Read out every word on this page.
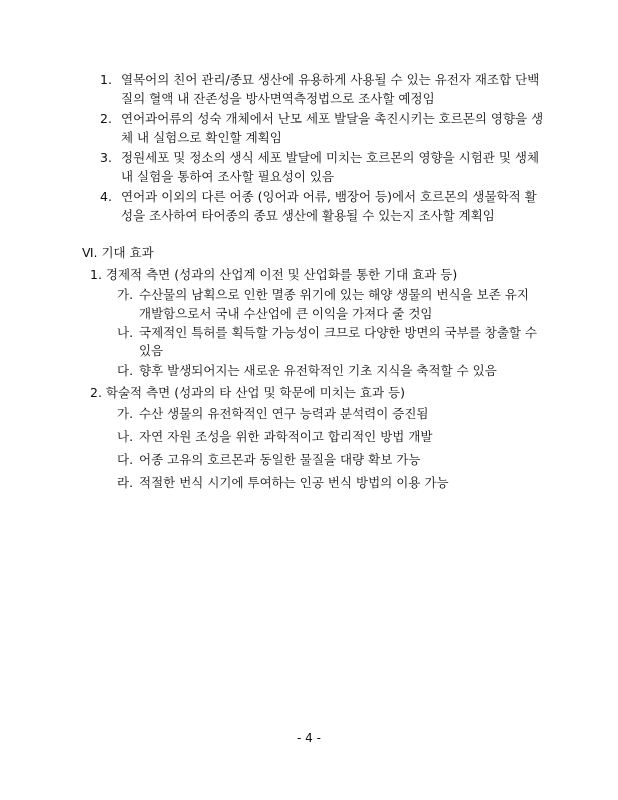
1. 열목어의 친어 관리/종묘 생산에 유용하게 사용될 수 있는 유전자 재조합 단백
질의 혈액 내 잔존성을 방사면역측정법으로 조사할 예정임
2. 연어과어류의 성숙 개체에서 난모 세포 발달을 촉진시키는 호르몬의 영향을 생
체 내 실험으로 확인할 계획임
3. 정원세포 및 정소의 생식 세포 발달에 미치는 호르몬의 영향을 시험관 및 생체
내 실험을 통하여 조사할 필요성이 있음
4. 연어과 이외의 다른 어종 (잉어과 어류, 뱀장어 등)에서 호르몬의 생물학적 활
성을 조사하여 타어종의 종묘 생산에 활용될 수 있는지 조사할 계획임
Ⅵ. 기대 효과
1. 경제적 측면 (성과의 산업계 이전 및 산업화를 통한 기대 효과 등)
가. 수산물의 남획으로 인한 멸종 위기에 있는 해양 생물의 번식을 보존 유지
개발함으로서 국내 수산업에 큰 이익을 가져다 줄 것임
나. 국제적인 특허를 획득할 가능성이 크므로 다양한 방면의 국부를 창출할 수
있음
다. 향후 발생되어지는 새로운 유전학적인 기초 지식을 축적할 수 있음
2. 학술적 측면 (성과의 타 산업 및 학문에 미치는 효과 등)
가. 수산 생물의 유전학적인 연구 능력과 분석력이 증진됨
나. 자연 자원 조성을 위한 과학적이고 합리적인 방법 개발
다. 어종 고유의 호르몬과 동일한 물질을 대량 확보 가능
라. 적절한 번식 시기에 투여하는 인공 번식 방법의 이용 가능
- 4 -
